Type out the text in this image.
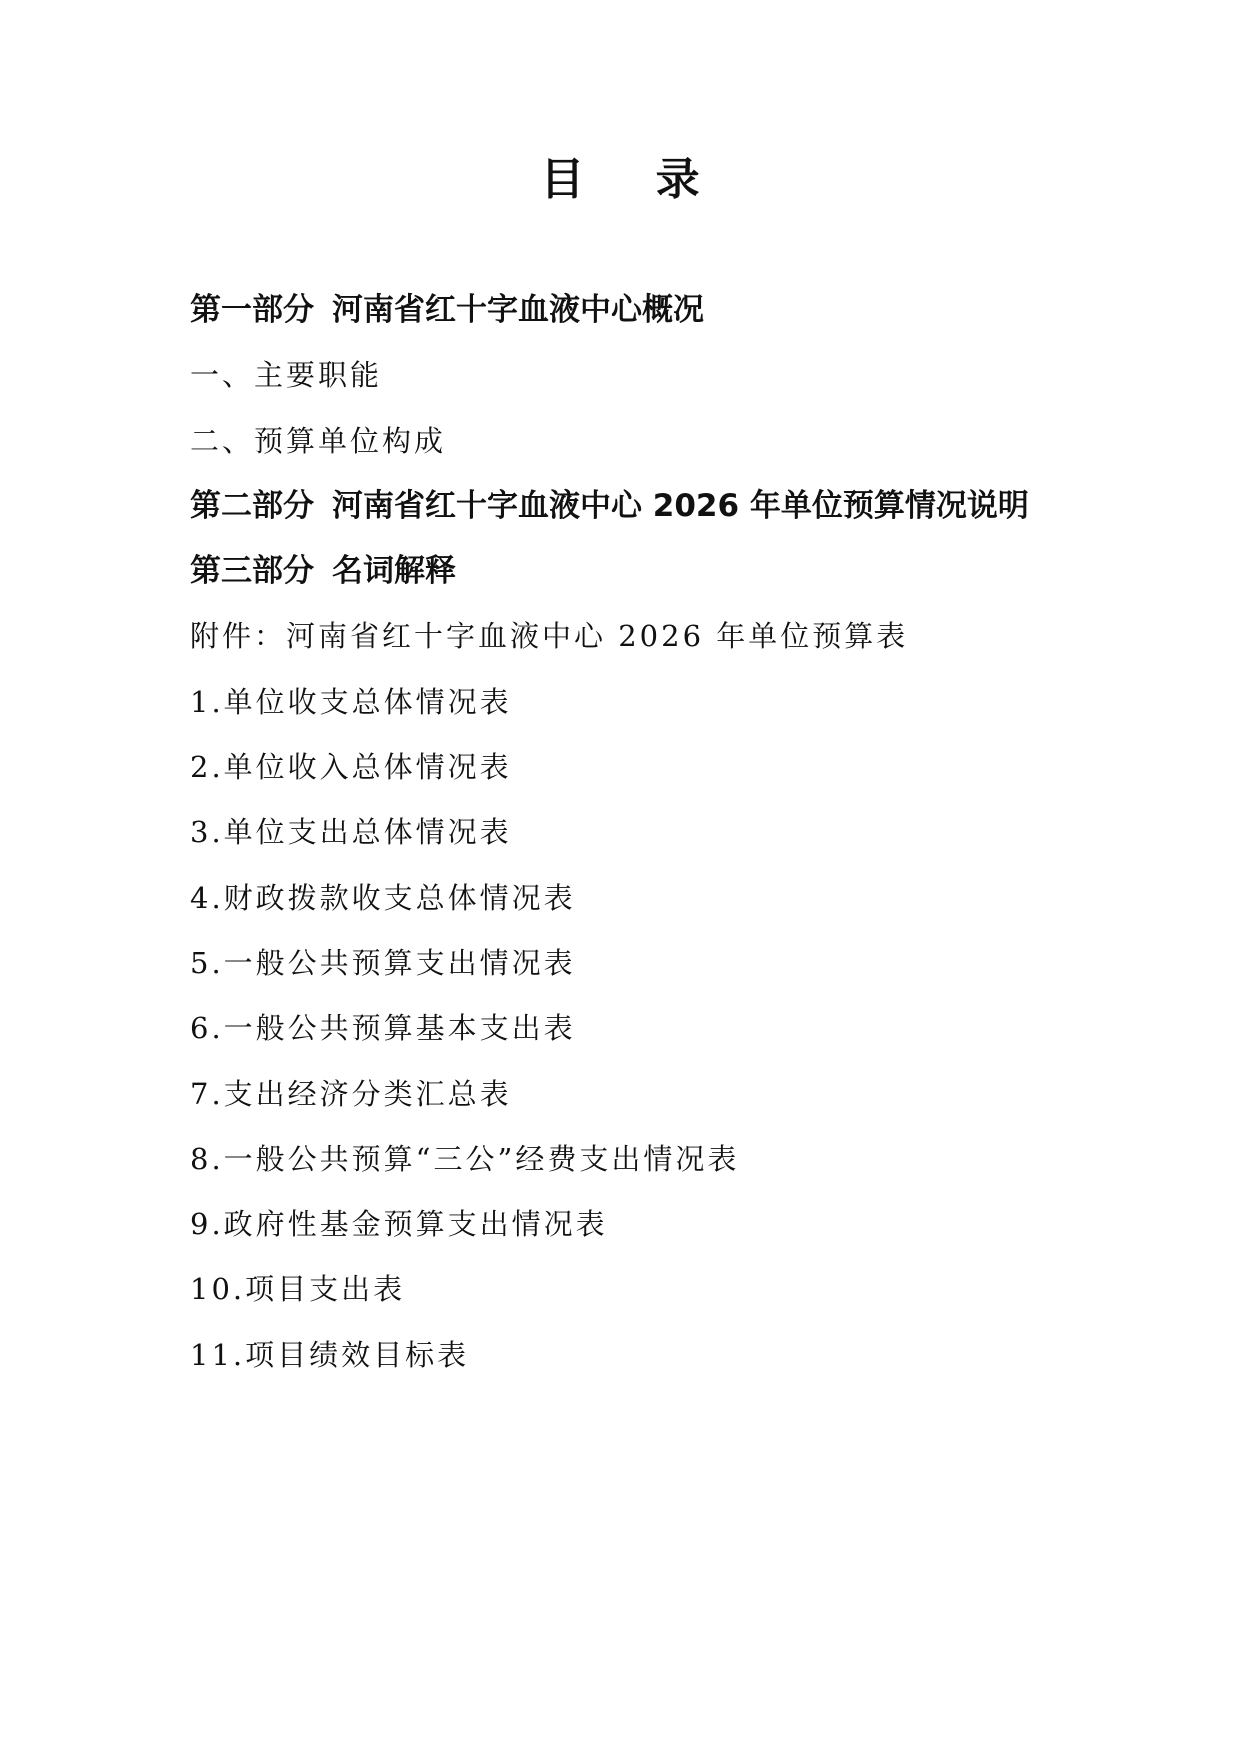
目 录
第一部分 河南省红十字血液中心概况
一、主要职能
二、预算单位构成
第二部分 河南省红十字血液中心 2026 年单位预算情况说明
第三部分 名词解释
附件：河南省红十字血液中心 2026 年单位预算表
1.单位收支总体情况表
2.单位收入总体情况表
3.单位支出总体情况表
4.财政拨款收支总体情况表
5.一般公共预算支出情况表
6.一般公共预算基本支出表
7.支出经济分类汇总表
8.一般公共预算“三公”经费支出情况表
9.政府性基金预算支出情况表
10.项目支出表
11.项目绩效目标表
